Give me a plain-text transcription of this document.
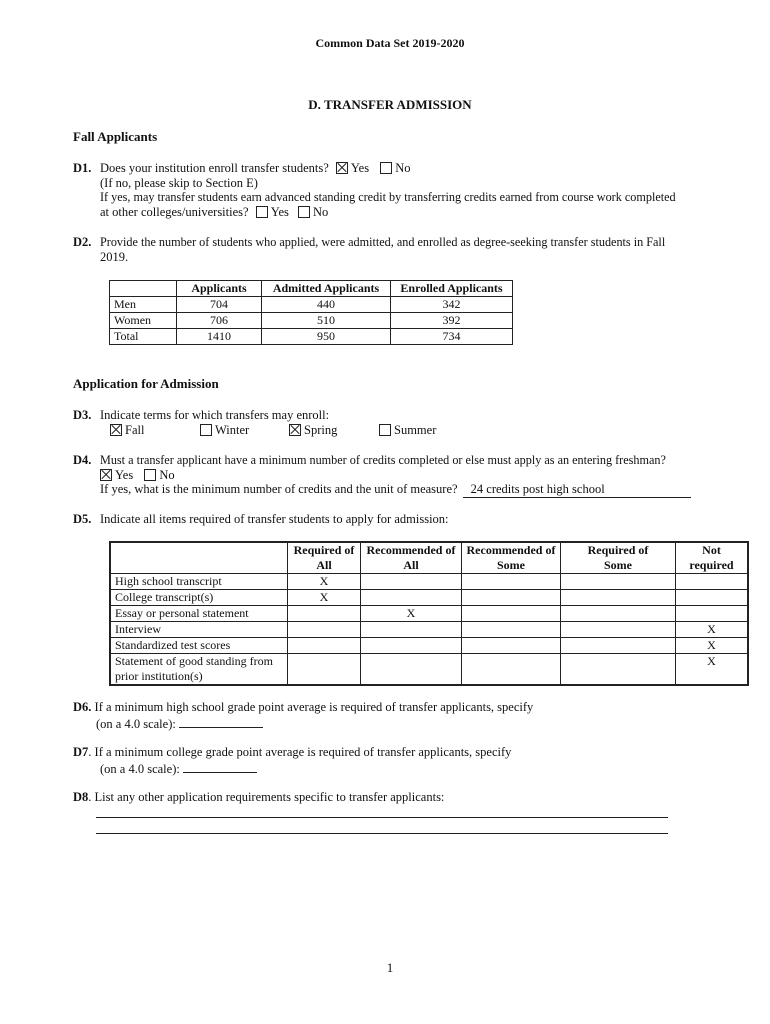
Common Data Set 2019-2020
D. TRANSFER ADMISSION
Fall Applicants
D1. Does your institution enroll transfer students? Yes No
(If no, please skip to Section E)
If yes, may transfer students earn advanced standing credit by transferring credits earned from course work completed
at other colleges/universities? Yes No
D2. Provide the number of students who applied, were admitted, and enrolled as degree-seeking transfer students in Fall
2019.
	Applicants	Admitted Applicants	Enrolled Applicants
Men	704	440	342
Women	706	510	392
Total	1410	950	734
Application for Admission
D3. Indicate terms for which transfers may enroll:
Fall	Winter	Spring	Summer
D4. Must a transfer applicant have a minimum number of credits completed or else must apply as an entering freshman?
Yes No
If yes, what is the minimum number of credits and the unit of measure? 24 credits post high school
D5. Indicate all items required of transfer students to apply for admission:
	Required of All	Recommended of All	Recommended of Some	Required of Some	Not required
High school transcript	X				
College transcript(s)	X				
Essay or personal statement		X			
Interview					X
Standardized test scores					X
Statement of good standing from prior institution(s)					X
D6. If a minimum high school grade point average is required of transfer applicants, specify
(on a 4.0 scale):
D7. If a minimum college grade point average is required of transfer applicants, specify
(on a 4.0 scale):
D8. List any other application requirements specific to transfer applicants:
1
